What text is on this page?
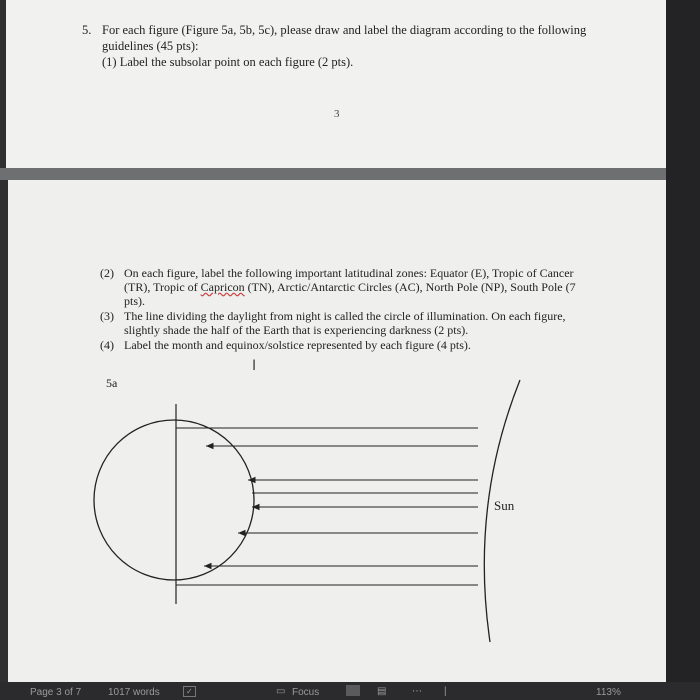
5. For each figure (Figure 5a, 5b, 5c), please draw and label the diagram according to the following guidelines (45 pts):
(1) Label the subsolar point on each figure (2 pts).
3
(2) On each figure, label the following important latitudinal zones: Equator (E), Tropic of Cancer (TR), Tropic of Capricon (TN), Arctic/Antarctic Circles (AC), North Pole (NP), South Pole (7 pts).
(3) The line dividing the daylight from night is called the circle of illumination. On each figure, slightly shade the half of the Earth that is experiencing darkness (2 pts).
(4) Label the month and equinox/solstice represented by each figure (4 pts).
I
5a
Sun
Page 3 of 7	1017 words	✓	▭ Focus	▤	⋯ |	113%
